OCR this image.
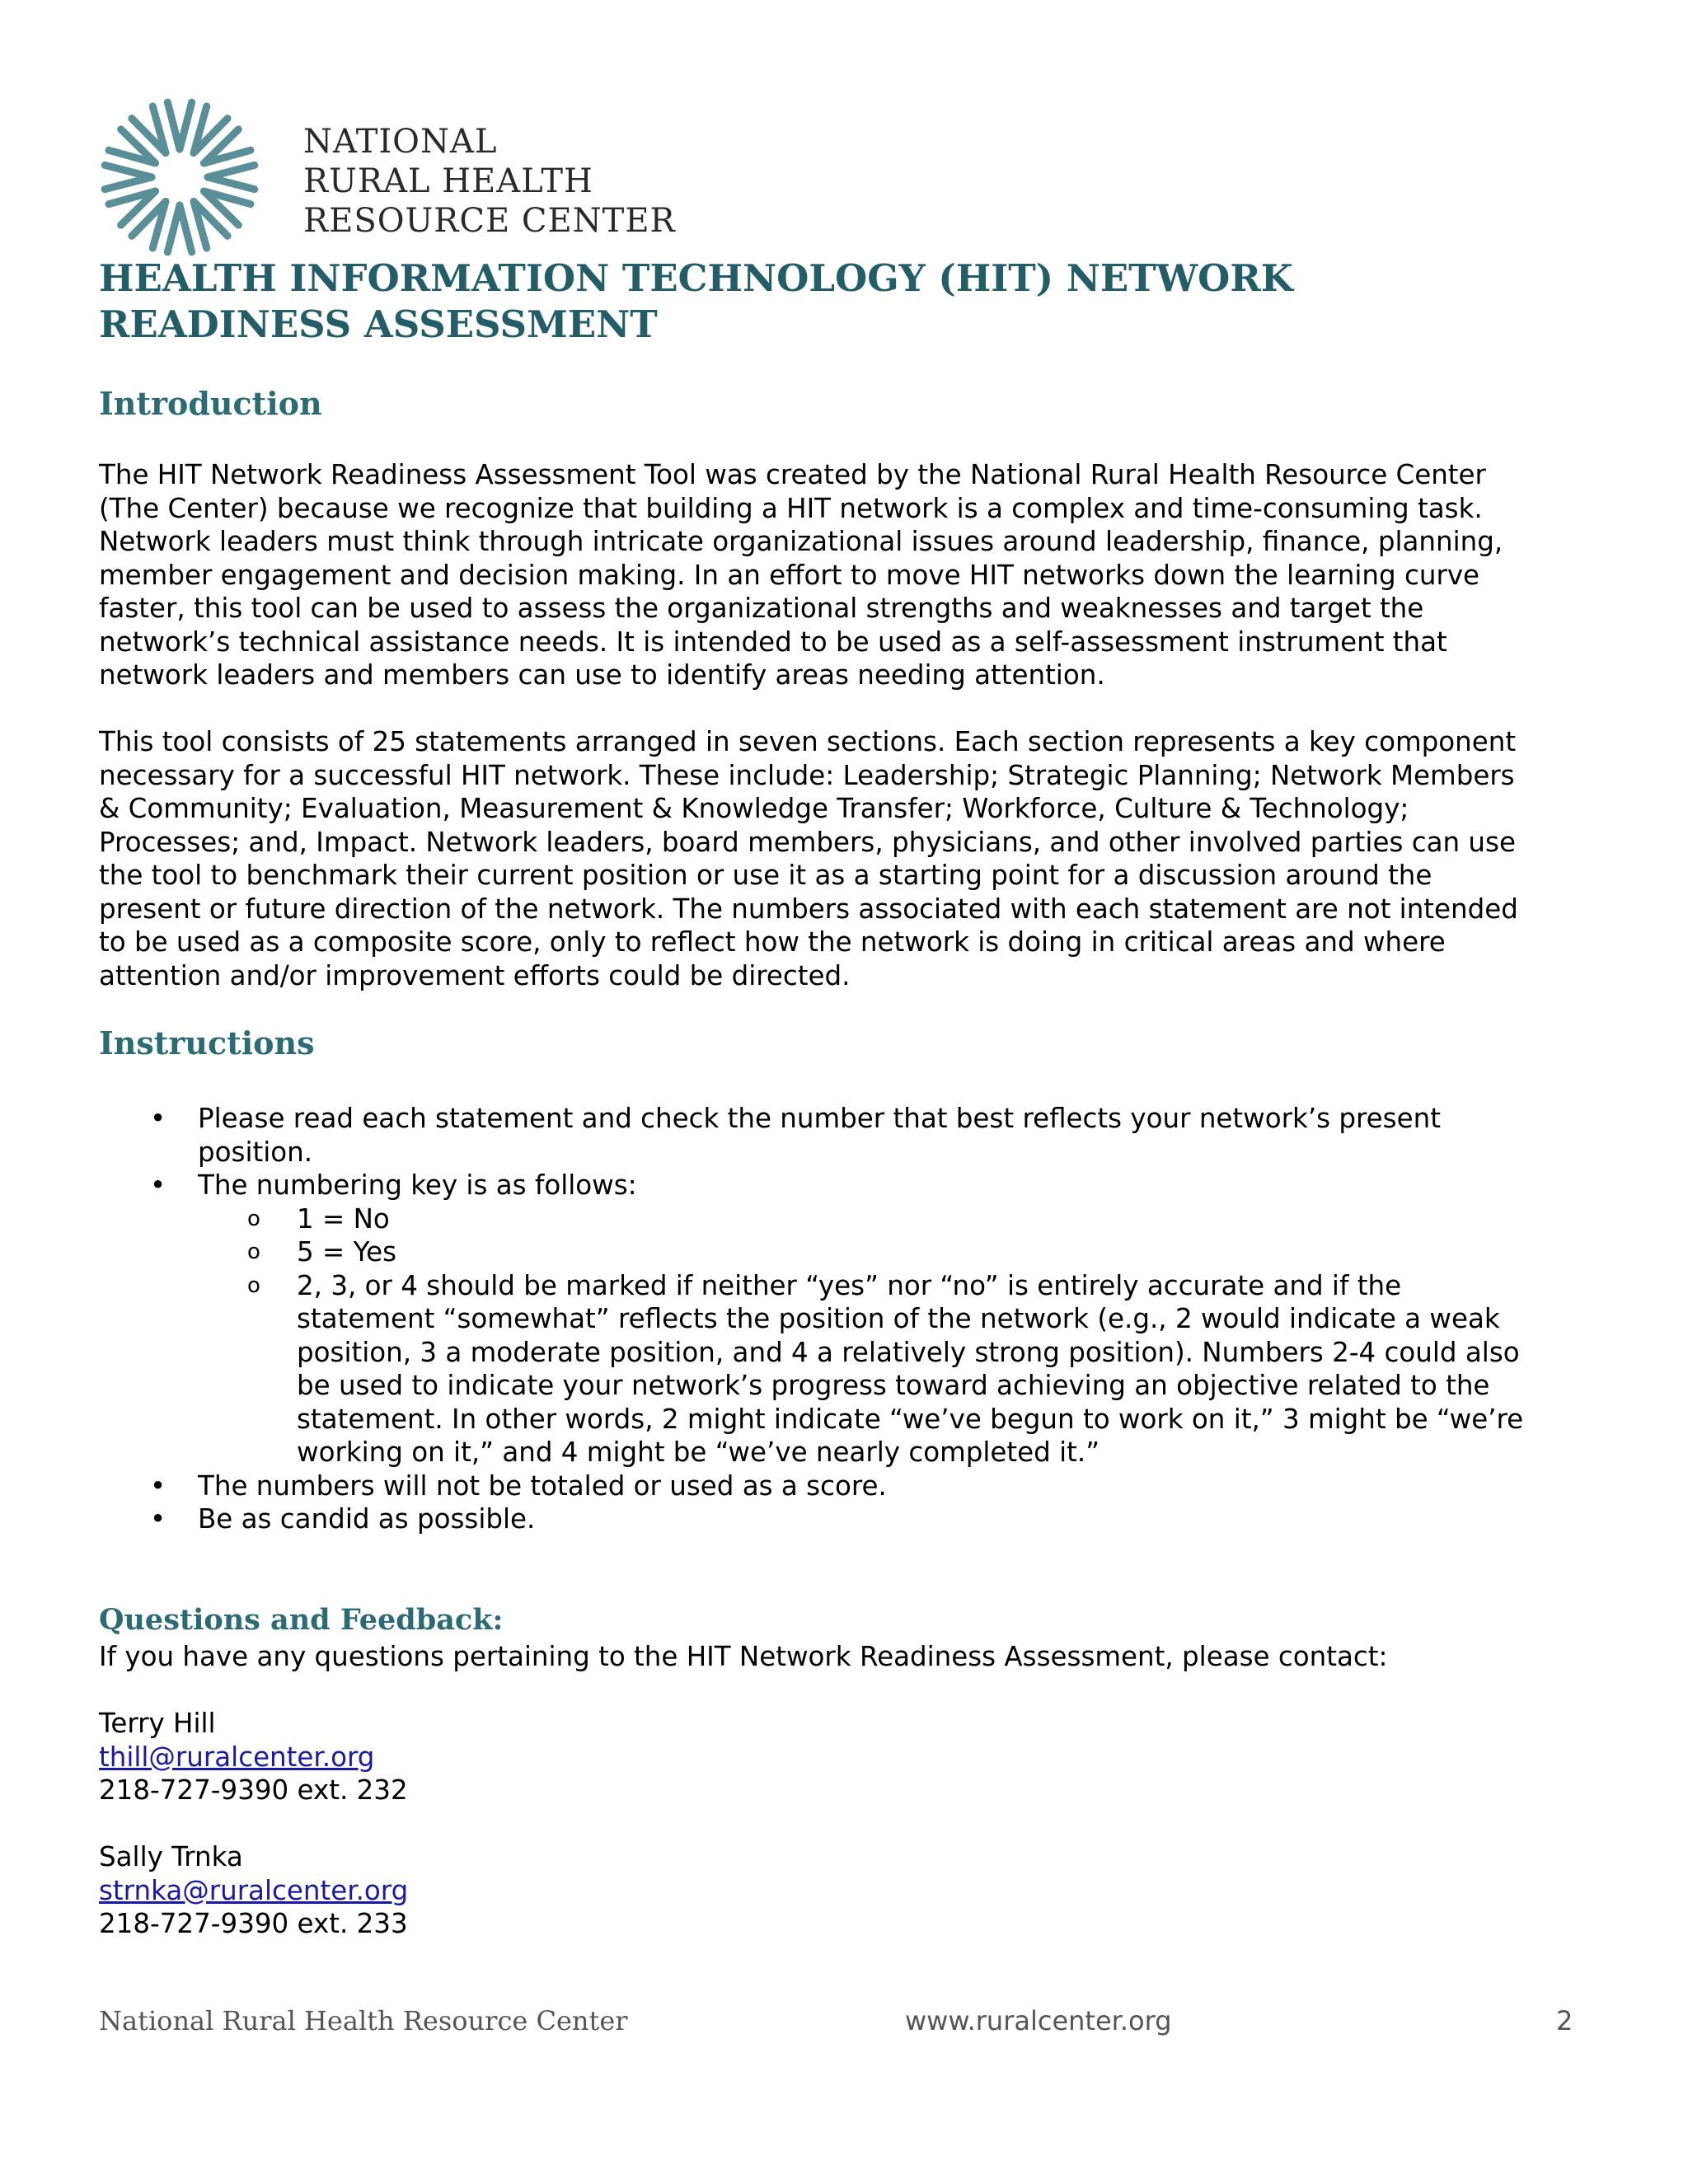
NATIONAL
RURAL HEALTH
RESOURCE CENTER
HEALTH INFORMATION TECHNOLOGY (HIT) NETWORK
READINESS ASSESSMENT
Introduction
The HIT Network Readiness Assessment Tool was created by the National Rural Health Resource Center
(The Center) because we recognize that building a HIT network is a complex and time-consuming task.
Network leaders must think through intricate organizational issues around leadership, finance, planning,
member engagement and decision making. In an effort to move HIT networks down the learning curve
faster, this tool can be used to assess the organizational strengths and weaknesses and target the
network’s technical assistance needs. It is intended to be used as a self-assessment instrument that
network leaders and members can use to identify areas needing attention.
This tool consists of 25 statements arranged in seven sections. Each section represents a key component
necessary for a successful HIT network. These include: Leadership; Strategic Planning; Network Members
& Community; Evaluation, Measurement & Knowledge Transfer; Workforce, Culture & Technology;
Processes; and, Impact. Network leaders, board members, physicians, and other involved parties can use
the tool to benchmark their current position or use it as a starting point for a discussion around the
present or future direction of the network. The numbers associated with each statement are not intended
to be used as a composite score, only to reflect how the network is doing in critical areas and where
attention and/or improvement efforts could be directed.
Instructions
• Please read each statement and check the number that best reflects your network’s present
position.
• The numbering key is as follows:
o 1 = No
o 5 = Yes
o 2, 3, or 4 should be marked if neither “yes” nor “no” is entirely accurate and if the
statement “somewhat” reflects the position of the network (e.g., 2 would indicate a weak
position, 3 a moderate position, and 4 a relatively strong position). Numbers 2-4 could also
be used to indicate your network’s progress toward achieving an objective related to the
statement. In other words, 2 might indicate “we’ve begun to work on it,” 3 might be “we’re
working on it,” and 4 might be “we’ve nearly completed it.”
• The numbers will not be totaled or used as a score.
• Be as candid as possible.
Questions and Feedback:
If you have any questions pertaining to the HIT Network Readiness Assessment, please contact:
Terry Hill
thill@ruralcenter.org
218-727-9390 ext. 232
Sally Trnka
strnka@ruralcenter.org
218-727-9390 ext. 233
National Rural Health Resource Center	www.ruralcenter.org	2
